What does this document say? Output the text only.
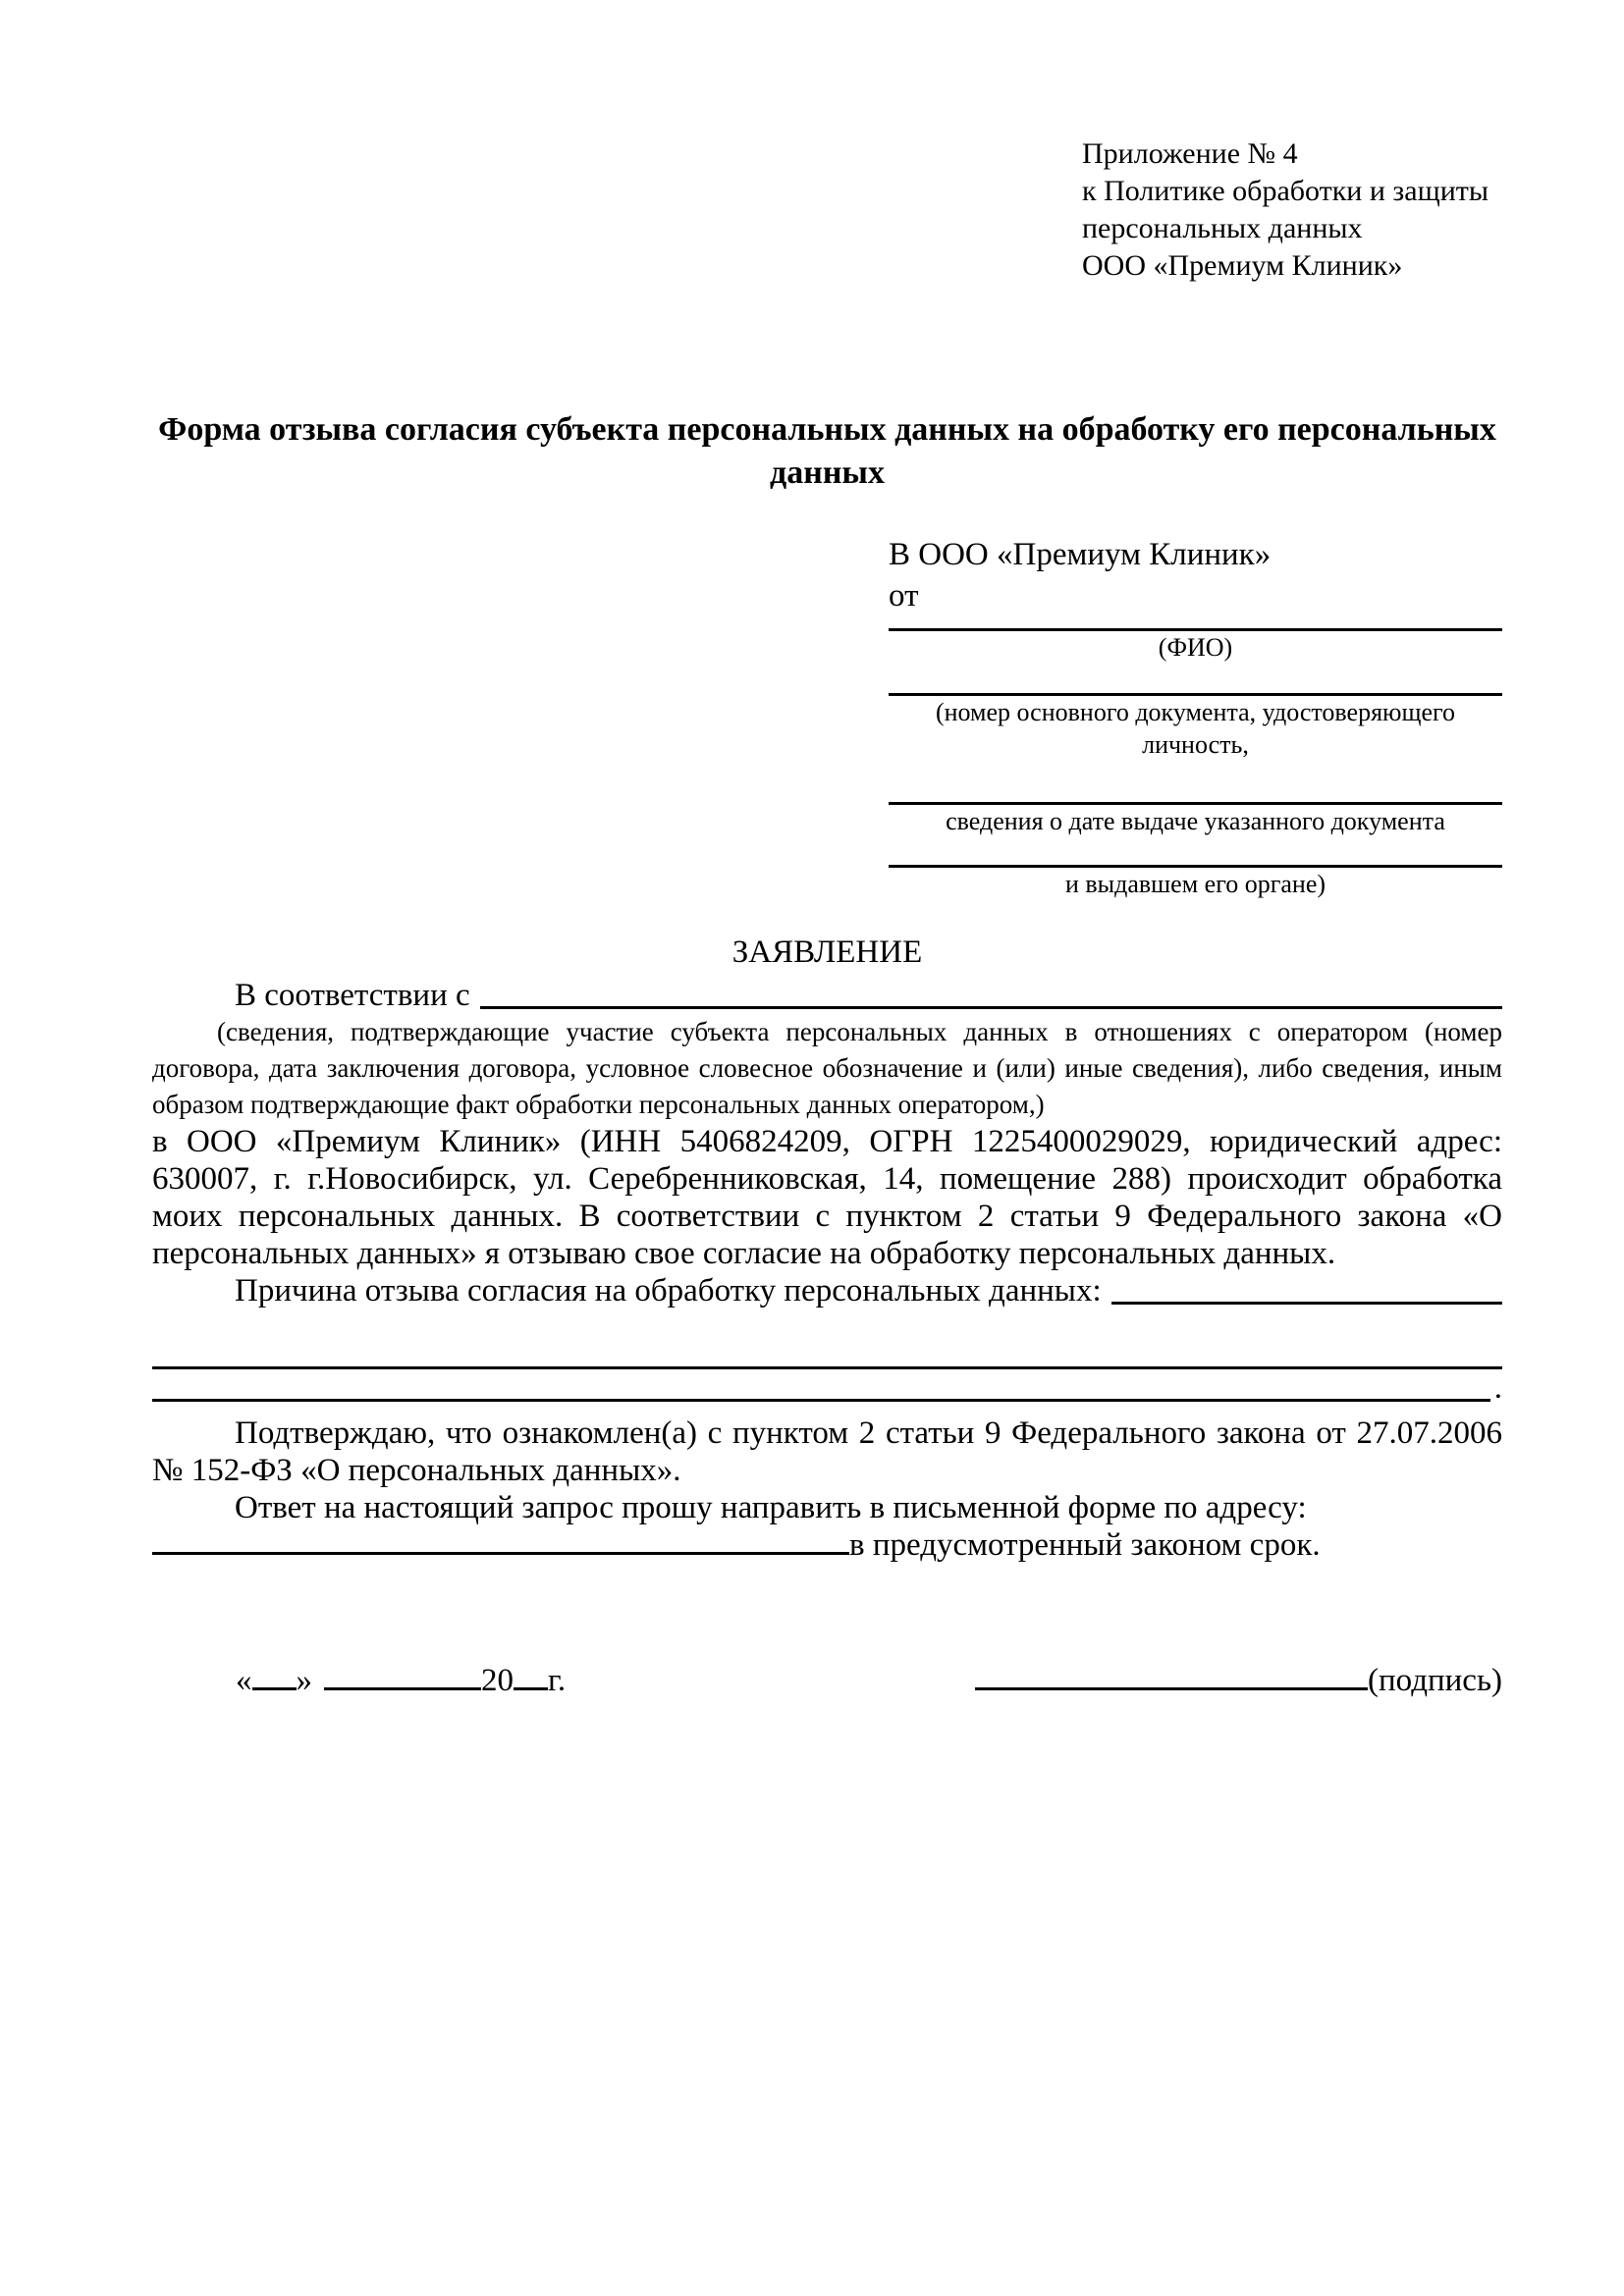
Приложение № 4
к Политике обработки и защиты
персональных данных
ООО «Премиум Клиник»
Форма отзыва согласия субъекта персональных данных на обработку его персональных данных
В ООО «Премиум Клиник»
от
(ФИО)
(номер основного документа, удостоверяющего личность,
сведения о дате выдаче указанного документа
и выдавшем его органе)
ЗАЯВЛЕНИЕ
В соответствии с
(сведения, подтверждающие участие субъекта персональных данных в отношениях с оператором (номер договора, дата заключения договора, условное словесное обозначение и (или) иные сведения), либо сведения, иным образом подтверждающие факт обработки персональных данных оператором,)
в ООО «Премиум Клиник» (ИНН 5406824209, ОГРН 1225400029029, юридический адрес: 630007, г. г.Новосибирск, ул. Серебренниковская, 14, помещение 288) происходит обработка моих персональных данных. В соответствии с пунктом 2 статьи 9 Федерального закона «О персональных данных» я отзываю свое согласие на обработку персональных данных.
Причина отзыва согласия на обработку персональных данных:
.
Подтверждаю, что ознакомлен(а) с пунктом 2 статьи 9 Федерального закона от 27.07.2006 № 152-ФЗ «О персональных данных».
Ответ на настоящий запрос прошу направить в письменной форме по адресу:
в предусмотренный законом срок.
« »	20 г.	(подпись)
